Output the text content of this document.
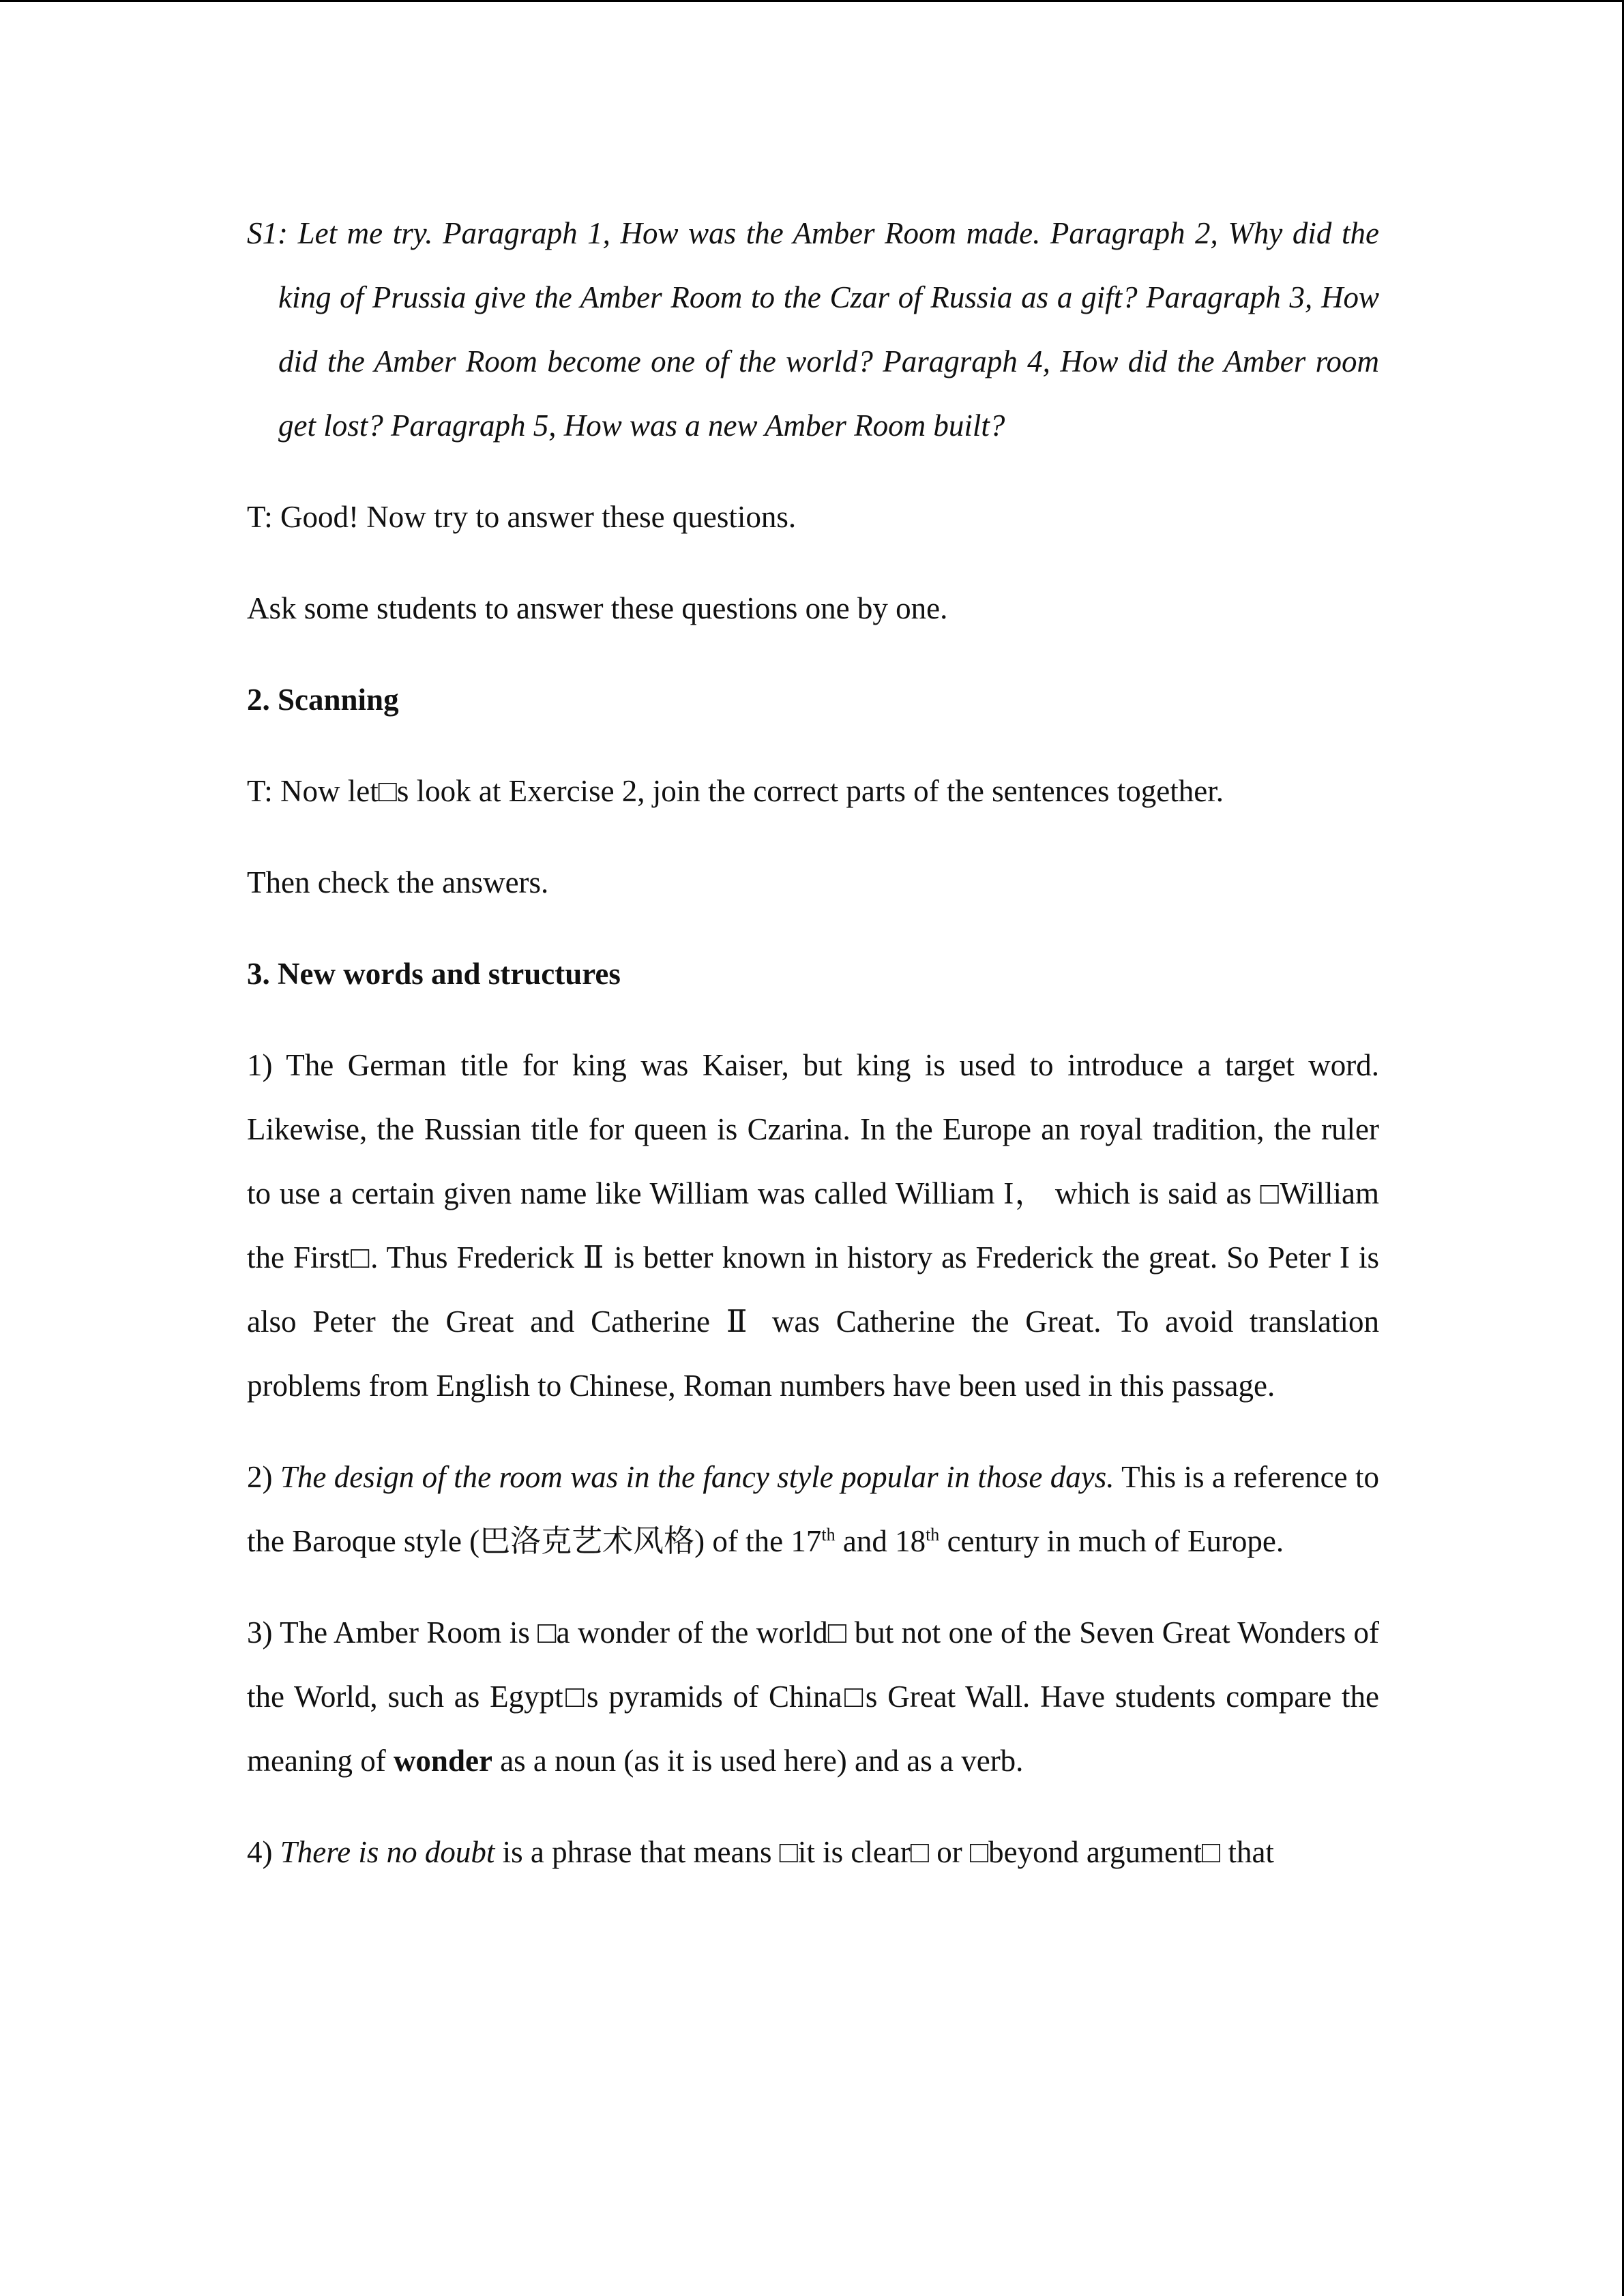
S1: Let me try. Paragraph 1, How was the Amber Room made. Paragraph 2, Why did the king of Prussia give the Amber Room to the Czar of Russia as a gift? Paragraph 3, How did the Amber Room become one of the world? Paragraph 4, How did the Amber room get lost? Paragraph 5, How was a new Amber Room built?

T: Good! Now try to answer these questions.

Ask some students to answer these questions one by one.

2. Scanning

T: Now let□s look at Exercise 2, join the correct parts of the sentences together.

Then check the answers.

3. New words and structures

1) The German title for king was Kaiser, but king is used to introduce a target word. Likewise, the Russian title for queen is Czarina. In the Europe an royal tradition, the ruler to use a certain given name like William was called William I， which is said as □William the First□. Thus Frederick Ⅱ is better known in history as Frederick the great. So Peter I is also Peter the Great and Catherine Ⅱ was Catherine the Great. To avoid translation problems from English to Chinese, Roman numbers have been used in this passage.

2) The design of the room was in the fancy style popular in those days. This is a reference to the Baroque style (巴洛克艺术风格) of the 17th and 18th century in much of Europe.

3) The Amber Room is □a wonder of the world□ but not one of the Seven Great Wonders of the World, such as Egypt□s pyramids of China□s Great Wall. Have students compare the meaning of wonder as a noun (as it is used here) and as a verb.

4) There is no doubt is a phrase that means □it is clear□ or □beyond argument□ that
